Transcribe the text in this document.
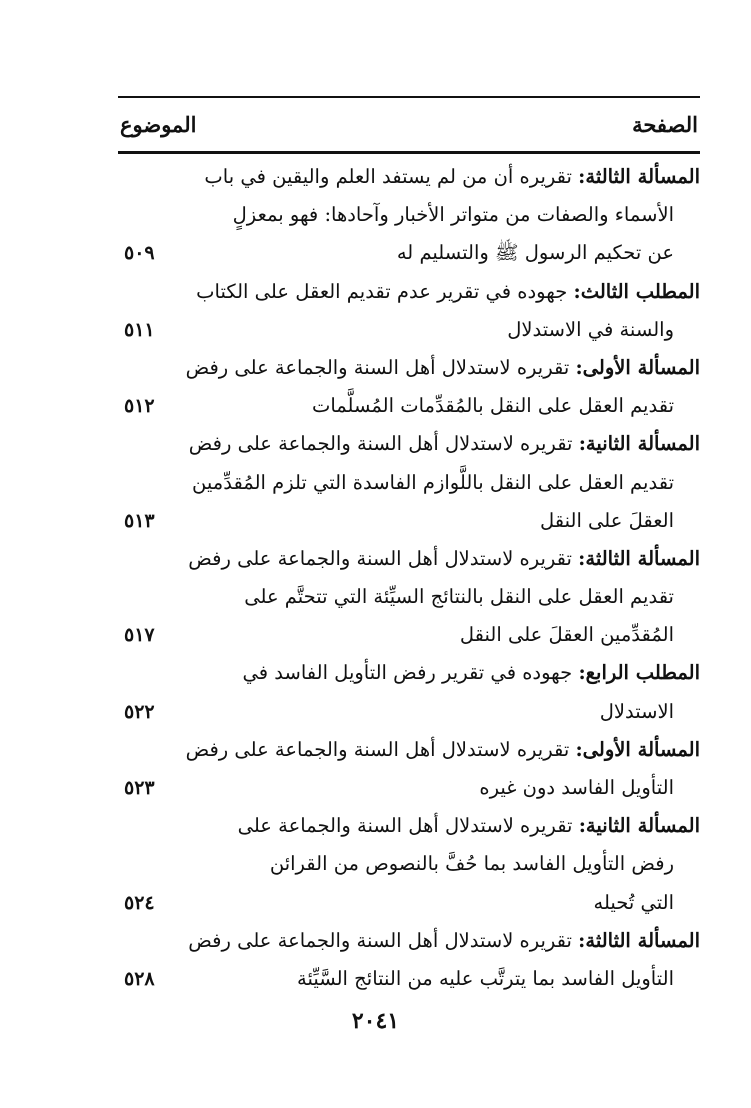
الموضوع	الصفحة
المسألة الثالثة: تقريره أن من لم يستفد العلم واليقين في باب
الأسماء والصفات من متواتر الأخبار وآحادها: فهو بمعزلٍ
عن تحكيم الرسول ﷺ والتسليم له
٥٠٩
المطلب الثالث: جهوده في تقرير عدم تقديم العقل على الكتاب
والسنة في الاستدلال
٥١١
المسألة الأولى: تقريره لاستدلال أهل السنة والجماعة على رفض
تقديم العقل على النقل بالمُقدِّمات المُسلَّمات
٥١٢
المسألة الثانية: تقريره لاستدلال أهل السنة والجماعة على رفض
تقديم العقل على النقل باللَّوازم الفاسدة التي تلزم المُقدِّمين
العقلَ على النقل
٥١٣
المسألة الثالثة: تقريره لاستدلال أهل السنة والجماعة على رفض
تقديم العقل على النقل بالنتائج السيِّئة التي تتحتَّم على
المُقدِّمين العقلَ على النقل
٥١٧
المطلب الرابع: جهوده في تقرير رفض التأويل الفاسد في
الاستدلال
٥٢٢
المسألة الأولى: تقريره لاستدلال أهل السنة والجماعة على رفض
التأويل الفاسد دون غيره
٥٢٣
المسألة الثانية: تقريره لاستدلال أهل السنة والجماعة على
رفض التأويل الفاسد بما حُفَّ بالنصوص من القرائن
التي تُحيله
٥٢٤
المسألة الثالثة: تقريره لاستدلال أهل السنة والجماعة على رفض
التأويل الفاسد بما يترتَّب عليه من النتائج السَّيِّئة
٥٢٨
٢٠٤١
